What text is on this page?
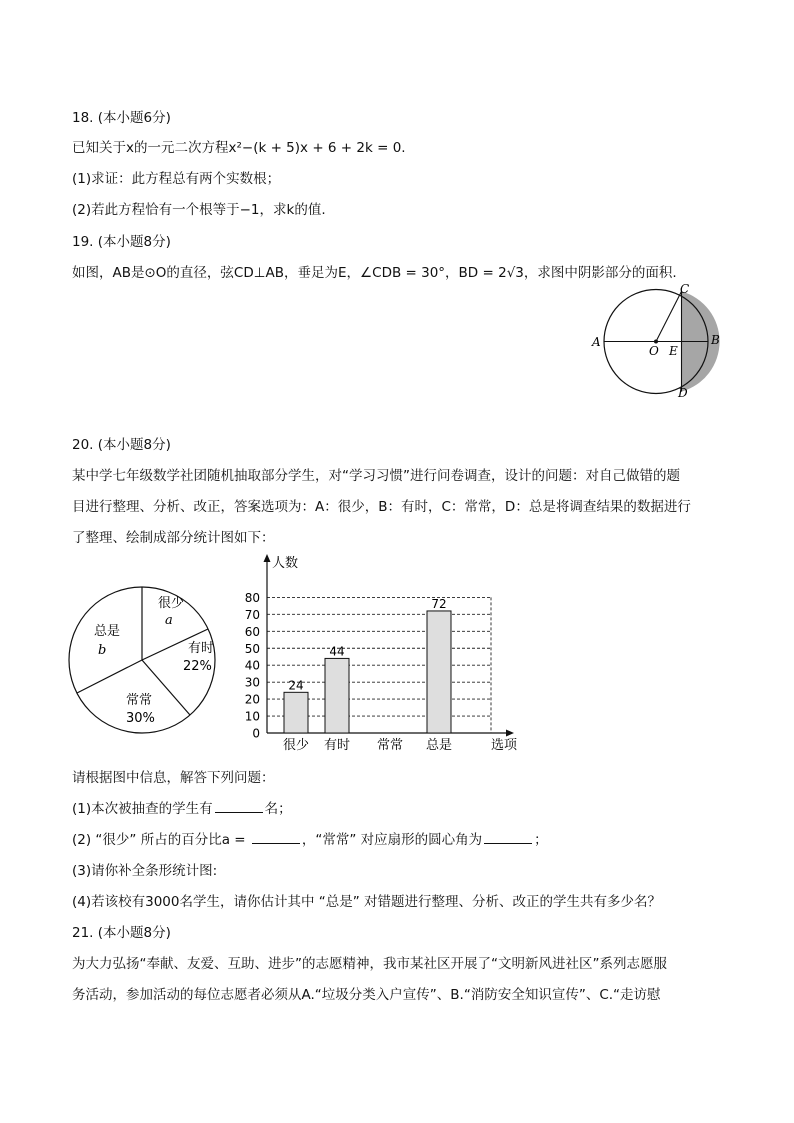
18. (本小题6分)
已知关于x的一元二次方程x²−(k + 5)x + 6 + 2k = 0.
(1)求证：此方程总有两个实数根；
(2)若此方程恰有一个根等于−1，求k的值.
19. (本小题8分)
如图，AB是⊙O的直径，弦CD⊥AB，垂足为E，∠CDB = 30°，BD = 2√3，求图中阴影部分的面积.
A
O E
B
C
D
20. (本小题8分)
某中学七年级数学社团随机抽取部分学生，对“学习习惯”进行问卷调查，设计的问题：对自己做错的题
目进行整理、分析、改正，答案选项为：A：很少，B：有时，C：常常，D：总是将调查结果的数据进行
了整理、绘制成部分统计图如下：
很少
a
有时
22%
常常
30%
总是
b
24
44
72
0
10
20
30
40
50
60
70
80
很少 有时 常常 总是
人数
选项
请根据图中信息，解答下列问题：
(1)本次被抽查的学生有	名；
(2) “很少” 所占的百分比a =	，“常常” 对应扇形的圆心角为	；
(3)请你补全条形统计图:
(4)若该校有3000名学生，请你估计其中 “总是” 对错题进行整理、分析、改正的学生共有多少名？
21. (本小题8分)
为大力弘扬“奉献、友爱、互助、进步”的志愿精神，我市某社区开展了“文明新风进社区”系列志愿服
务活动，参加活动的每位志愿者必须从A.“垃圾分类入户宣传”、B.“消防安全知识宣传”、C.“走访慰
